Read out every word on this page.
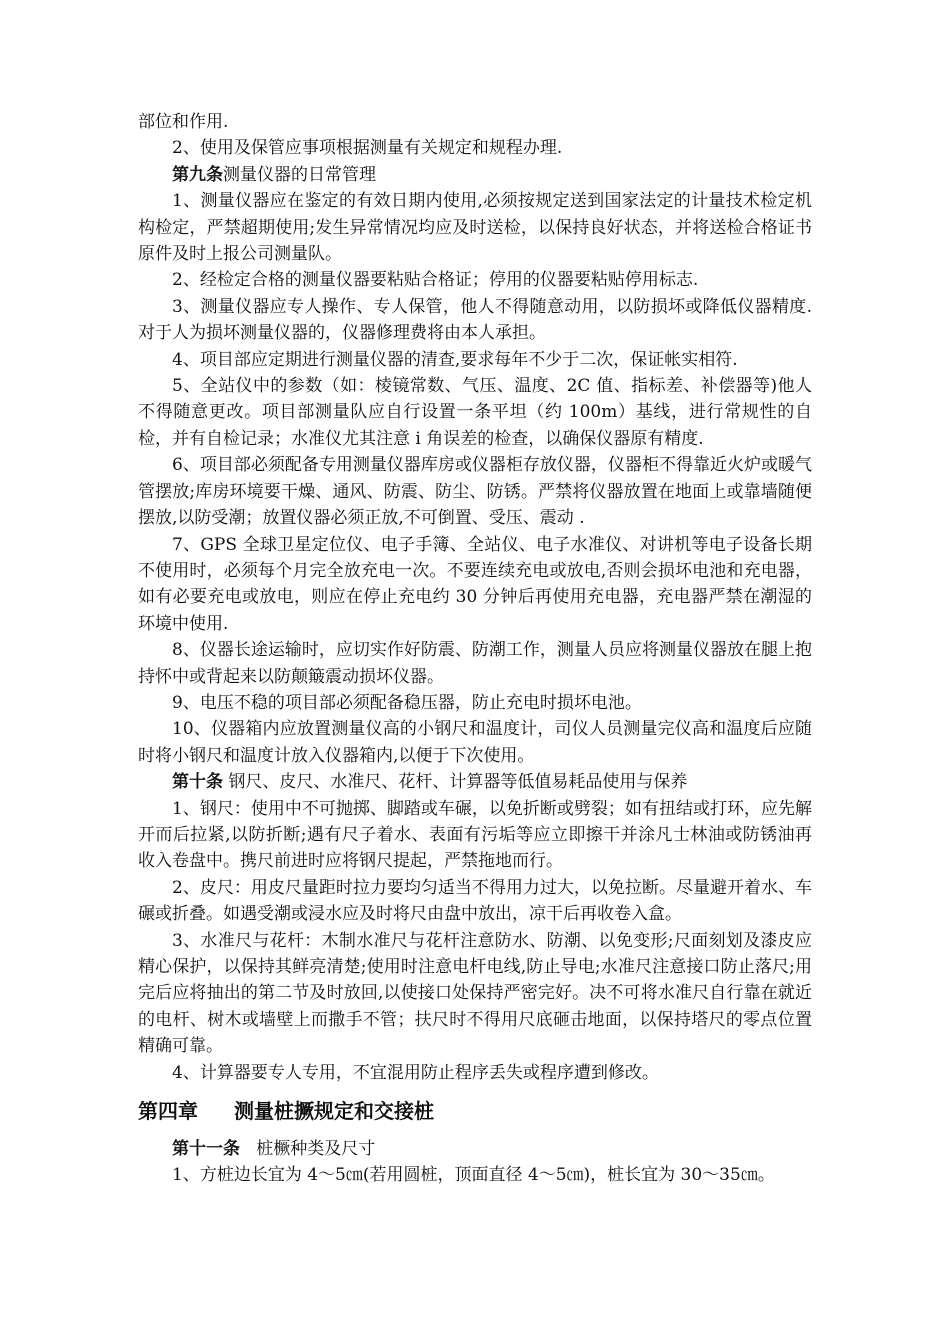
部位和作用.

2、使用及保管应事项根据测量有关规定和规程办理.

第九条测量仪器的日常管理

1、测量仪器应在鉴定的有效日期内使用,必须按规定送到国家法定的计量技术检定机构检定，严禁超期使用;发生异常情况均应及时送检，以保持良好状态，并将送检合格证书原件及时上报公司测量队。

2、经检定合格的测量仪器要粘贴合格证；停用的仪器要粘贴停用标志.

3、测量仪器应专人操作、专人保管，他人不得随意动用，以防损坏或降低仪器精度.对于人为损坏测量仪器的，仪器修理费将由本人承担。

4、项目部应定期进行测量仪器的清查,要求每年不少于二次，保证帐实相符.

5、全站仪中的参数（如：棱镜常数、气压、温度、2C 值、指标差、补偿器等)他人不得随意更改。项目部测量队应自行设置一条平坦（约 100m）基线，进行常规性的自检，并有自检记录；水准仪尤其注意 i 角误差的检查，以确保仪器原有精度.

6、项目部必须配备专用测量仪器库房或仪器柜存放仪器，仪器柜不得靠近火炉或暖气管摆放;库房环境要干燥、通风、防震、防尘、防锈。严禁将仪器放置在地面上或靠墙随便摆放,以防受潮；放置仪器必须正放,不可倒置、受压、震动 .

7、GPS 全球卫星定位仪、电子手簿、全站仪、电子水准仪、对讲机等电子设备长期不使用时，必须每个月完全放充电一次。不要连续充电或放电,否则会损坏电池和充电器，如有必要充电或放电，则应在停止充电约 30 分钟后再使用充电器，充电器严禁在潮湿的环境中使用.

8、仪器长途运输时，应切实作好防震、防潮工作，测量人员应将测量仪器放在腿上抱持怀中或背起来以防颠簸震动损坏仪器。

9、电压不稳的项目部必须配备稳压器，防止充电时损坏电池。

10、仪器箱内应放置测量仪高的小钢尺和温度计，司仪人员测量完仪高和温度后应随时将小钢尺和温度计放入仪器箱内,以便于下次使用。

第十条 钢尺、皮尺、水准尺、花杆、计算器等低值易耗品使用与保养

1、钢尺：使用中不可抛掷、脚踏或车碾，以免折断或劈裂；如有扭结或打环，应先解开而后拉紧,以防折断;遇有尺子着水、表面有污垢等应立即擦干并涂凡士林油或防锈油再收入卷盘中。携尺前进时应将钢尺提起，严禁拖地而行。

2、皮尺：用皮尺量距时拉力要均匀适当不得用力过大，以免拉断。尽量避开着水、车碾或折叠。如遇受潮或浸水应及时将尺由盘中放出，凉干后再收卷入盒。

3、水准尺与花杆：木制水准尺与花杆注意防水、防潮、以免变形;尺面刻划及漆皮应精心保护，以保持其鲜亮清楚;使用时注意电杆电线,防止导电;水准尺注意接口防止落尺;用完后应将抽出的第二节及时放回,以使接口处保持严密完好。决不可将水准尺自行靠在就近的电杆、树木或墙壁上而撒手不管；扶尺时不得用尺底砸击地面，以保持塔尺的零点位置精确可靠。

4、计算器要专人专用，不宜混用防止程序丢失或程序遭到修改。

第四章 测量桩撅规定和交接桩

第十一条   桩橛种类及尺寸

1、方桩边长宜为 4～5㎝(若用圆桩，顶面直径 4～5㎝)，桩长宜为 30～35㎝。
